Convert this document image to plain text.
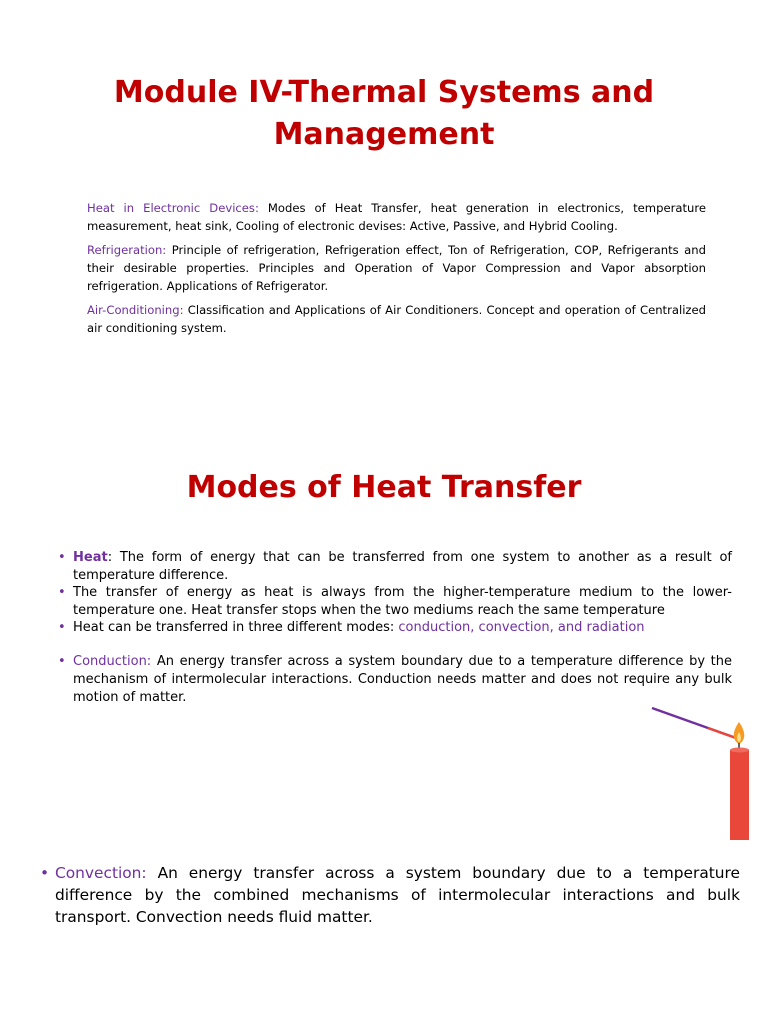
Module IV-Thermal Systems and Management

Heat in Electronic Devices: Modes of Heat Transfer, heat generation in electronics, temperature measurement, heat sink, Cooling of electronic devises: Active, Passive, and Hybrid Cooling.

Refrigeration: Principle of refrigeration, Refrigeration effect, Ton of Refrigeration, COP, Refrigerants and their desirable properties. Principles and Operation of Vapor Compression and Vapor absorption refrigeration. Applications of Refrigerator.

Air-Conditioning: Classification and Applications of Air Conditioners. Concept and operation of Centralized air conditioning system.

Modes of Heat Transfer
• Heat: The form of energy that can be transferred from one system to another as a result of temperature difference.
• The transfer of energy as heat is always from the higher-temperature medium to the lower-temperature one. Heat transfer stops when the two mediums reach the same temperature
• Heat can be transferred in three different modes: conduction, convection, and radiation
• Conduction: An energy transfer across a system boundary due to a temperature difference by the mechanism of intermolecular interactions. Conduction needs matter and does not require any bulk motion of matter.
• Convection: An energy transfer across a system boundary due to a temperature difference by the combined mechanisms of intermolecular interactions and bulk transport. Convection needs fluid matter.
